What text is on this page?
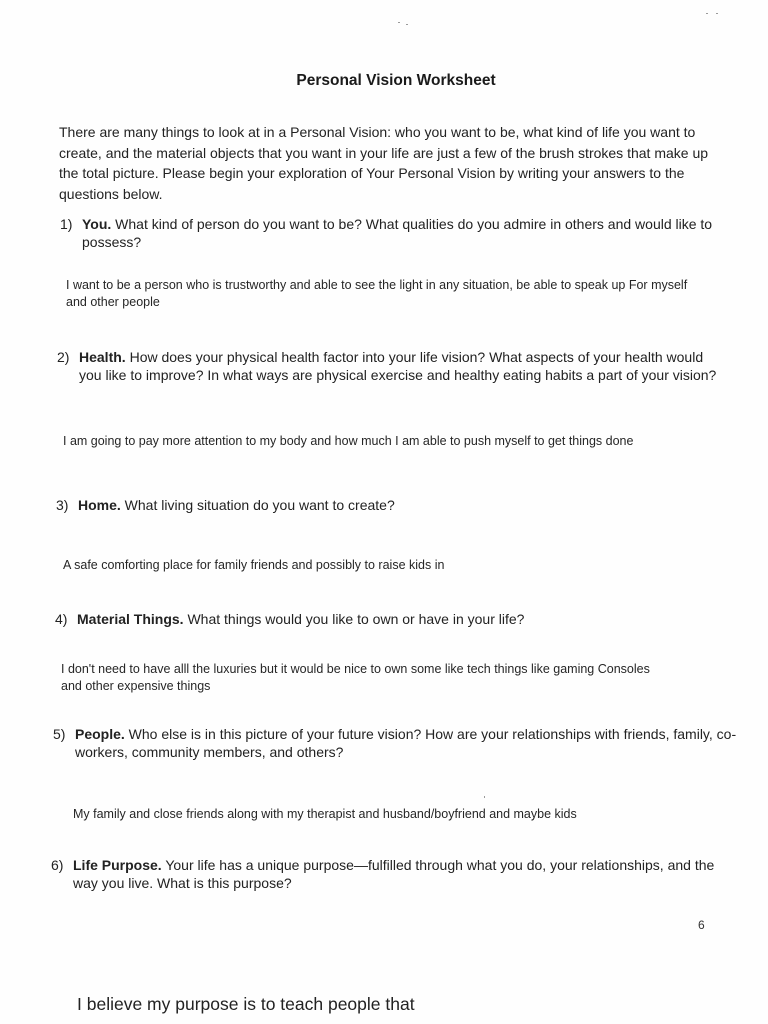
Personal Vision Worksheet
There are many things to look at in a Personal Vision: who you want to be, what kind of life you want to create, and the material objects that you want in your life are just a few of the brush strokes that make up the total picture. Please begin your exploration of Your Personal Vision by writing your answers to the questions below.
1) You. What kind of person do you want to be? What qualities do you admire in others and would like to possess?
I want to be a person who is trustworthy and able to see the light in any situation, be able to speak up For myself and other people
2) Health. How does your physical health factor into your life vision? What aspects of your health would you like to improve? In what ways are physical exercise and healthy eating habits a part of your vision?
I am going to pay more attention to my body and how much I am able to push myself to get things done
3) Home. What living situation do you want to create?
A safe comforting place for family friends and possibly to raise kids in
4) Material Things. What things would you like to own or have in your life?
I don't need to have alll the luxuries but it would be nice to own some like tech things like gaming Consoles and other expensive things
5) People. Who else is in this picture of your future vision? How are your relationships with friends, family, co-workers, community members, and others?
My family and close friends along with my therapist and husband/boyfriend and maybe kids
6) Life Purpose. Your life has a unique purpose—fulfilled through what you do, your relationships, and the way you live. What is this purpose?
6
I believe my purpose is to teach people that
